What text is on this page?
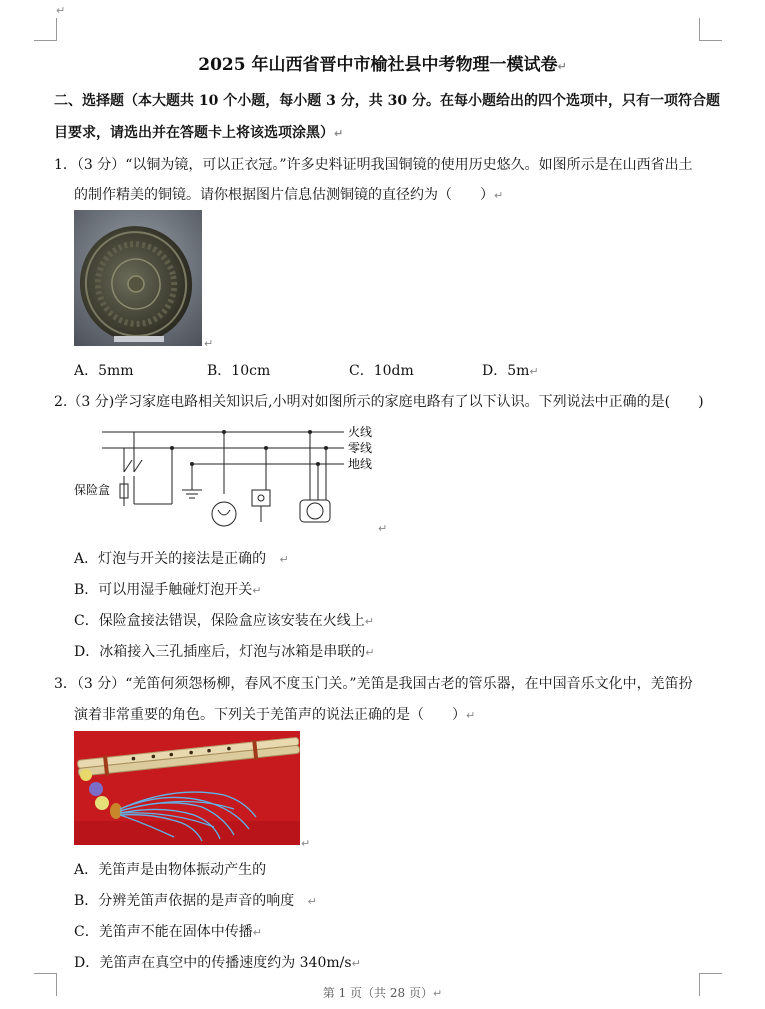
↵
2025 年山西省晋中市榆社县中考物理一模试卷↵
二、选择题（本大题共 10 个小题，每小题 3 分，共 30 分。在每小题给出的四个选项中，只有一项符合题
目要求，请选出并在答题卡上将该选项涂黑）↵
1．（3 分）“以铜为镜，可以正衣冠。”许多史料证明我国铜镜的使用历史悠久。如图所示是在山西省出土
的制作精美的铜镜。请你根据图片信息估测铜镜的直径约为（　　）↵
↵
A．5mm	B．10cm	C．10dm	D．5m↵
2.（3 分)学习家庭电路相关知识后,小明对如图所示的家庭电路有了以下认识。下列说法中正确的是(　　)
火线
零线
地线
保险盒
↵
A．灯泡与开关的接法是正确的 ↵
B．可以用湿手触碰灯泡开关↵
C．保险盒接法错误，保险盒应该安装在火线上↵
D．冰箱接入三孔插座后，灯泡与冰箱是串联的↵
3．（3 分）“羌笛何须怨杨柳，春风不度玉门关。”羌笛是我国古老的管乐器，在中国音乐文化中，羌笛扮
演着非常重要的角色。下列关于羌笛声的说法正确的是（　　）↵
↵
A．羌笛声是由物体振动产生的
B．分辨羌笛声依据的是声音的响度 ↵
C．羌笛声不能在固体中传播↵
D．羌笛声在真空中的传播速度约为 340m/s↵
第 1 页（共 28 页）↵
